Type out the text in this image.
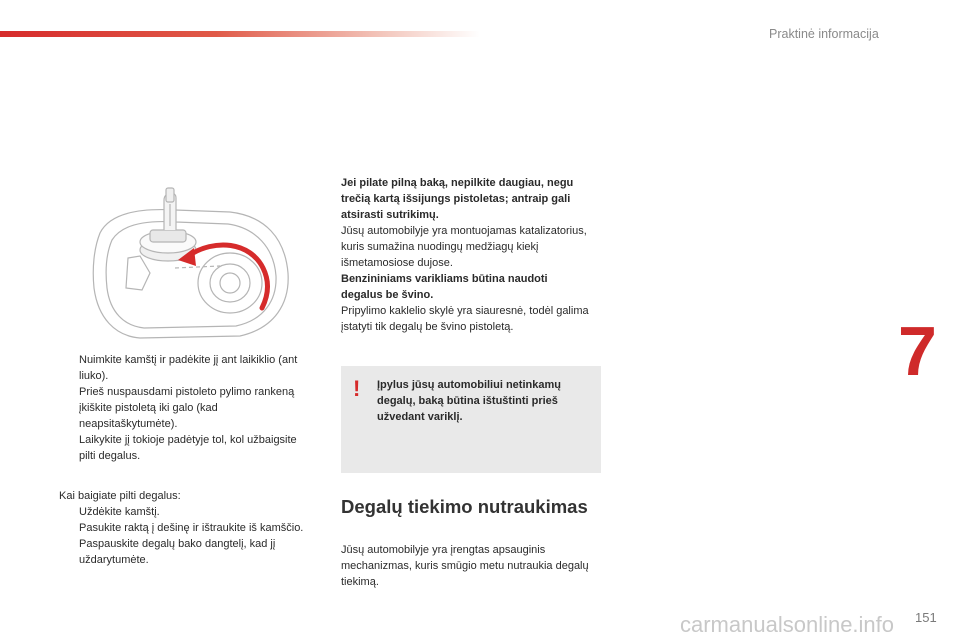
Praktinė informacija
7
Nuimkite kamštį ir padėkite jį ant laikiklio (ant liuko).
Prieš nuspausdami pistoleto pylimo rankeną įkiškite pistoletą iki galo (kad neapsitaškytumėte).
Laikykite jį tokioje padėtyje tol, kol užbaigsite pilti degalus.

Kai baigiate pilti degalus:

Uždėkite kamštį.
Pasukite raktą į dešinę ir ištraukite iš kamščio.
Paspauskite degalų bako dangtelį, kad jį uždarytumėte.

Jei pilate pilną baką, nepilkite daugiau, negu trečią kartą išsijungs pistoletas; antraip gali atsirasti sutrikimų.

Jūsų automobilyje yra montuojamas katalizatorius, kuris sumažina nuodingų medžiagų kiekį išmetamosiose dujose.

Benzininiams varikliams būtina naudoti degalus be švino.

Pripylimo kaklelio skylė yra siauresnė, todėl galima įstatyti tik degalų be švino pistoletą.

! Įpylus jūsų automobiliui netinkamų degalų, baką būtina ištuštinti prieš užvedant variklį.
Degalų tiekimo nutraukimas

Jūsų automobilyje yra įrengtas apsauginis mechanizmas, kuris smūgio metu nutraukia degalų tiekimą.

carmanualsonline.info 151
